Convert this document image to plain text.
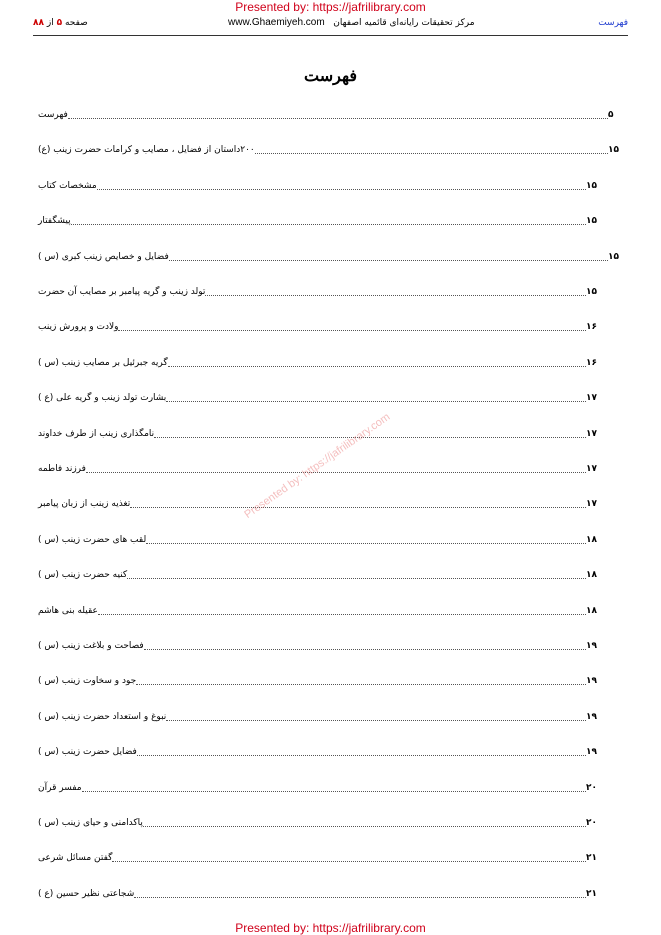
Presented by: https://jafrilibrary.com
فهرست
مرکز تحقیقات رایانه‌ای قائمیه اصفهان   www.Ghaemiyeh.com
صفحه ۵ از ۸۸
فهرست
فهرست	۵
۲۰۰داستان از فضایل ، مصایب و کرامات حضرت زینب (ع)	۱۵
مشخصات کتاب	۱۵
پیشگفتار	۱۵
فضایل و خصایص زینب کبری (س )	۱۵
تولد زینب و گریه پیامبر بر مصایب آن حضرت	۱۵
ولادت و پرورش زینب	۱۶
گریه جبرئیل بر مصایب زینب (س )	۱۶
بشارت تولد زینب و گریه علی (ع )	۱۷
نامگذاری زینب از طرف خداوند	۱۷
فرزند فاطمه	۱۷
تغذیه زینب از زبان پیامبر	۱۷
لقب های حضرت زینب (س )	۱۸
کنیه حضرت زینب (س )	۱۸
عقیله بنی هاشم	۱۸
فصاحت و بلاغت زینب (س )	۱۹
جود و سخاوت زینب (س )	۱۹
نبوغ و استعداد حضرت زینب (س )	۱۹
فضایل حضرت زینب (س )	۱۹
مفسر قرآن	۲۰
پاکدامنی و حیای زینب (س )	۲۰
گفتن مسائل شرعی	۲۱
شجاعتی نظیر حسین (ع )	۲۱
Presented by: https://jafrilibrary.com
Presented by: https://jafrilibrary.com
